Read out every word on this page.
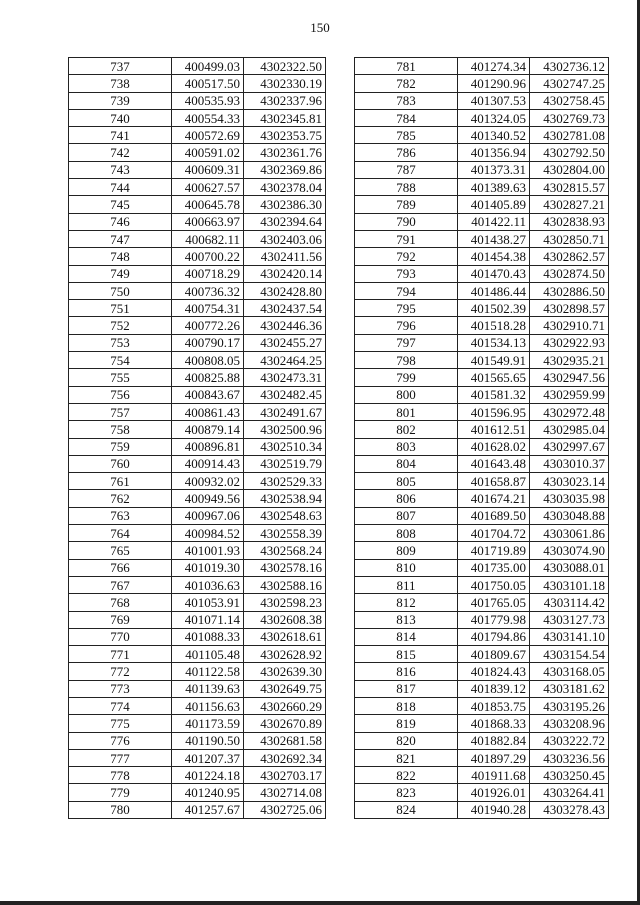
150
737	400499.03	4302322.50
738	400517.50	4302330.19
739	400535.93	4302337.96
740	400554.33	4302345.81
741	400572.69	4302353.75
742	400591.02	4302361.76
743	400609.31	4302369.86
744	400627.57	4302378.04
745	400645.78	4302386.30
746	400663.97	4302394.64
747	400682.11	4302403.06
748	400700.22	4302411.56
749	400718.29	4302420.14
750	400736.32	4302428.80
751	400754.31	4302437.54
752	400772.26	4302446.36
753	400790.17	4302455.27
754	400808.05	4302464.25
755	400825.88	4302473.31
756	400843.67	4302482.45
757	400861.43	4302491.67
758	400879.14	4302500.96
759	400896.81	4302510.34
760	400914.43	4302519.79
761	400932.02	4302529.33
762	400949.56	4302538.94
763	400967.06	4302548.63
764	400984.52	4302558.39
765	401001.93	4302568.24
766	401019.30	4302578.16
767	401036.63	4302588.16
768	401053.91	4302598.23
769	401071.14	4302608.38
770	401088.33	4302618.61
771	401105.48	4302628.92
772	401122.58	4302639.30
773	401139.63	4302649.75
774	401156.63	4302660.29
775	401173.59	4302670.89
776	401190.50	4302681.58
777	401207.37	4302692.34
778	401224.18	4302703.17
779	401240.95	4302714.08
780	401257.67	4302725.06
781	401274.34	4302736.12
782	401290.96	4302747.25
783	401307.53	4302758.45
784	401324.05	4302769.73
785	401340.52	4302781.08
786	401356.94	4302792.50
787	401373.31	4302804.00
788	401389.63	4302815.57
789	401405.89	4302827.21
790	401422.11	4302838.93
791	401438.27	4302850.71
792	401454.38	4302862.57
793	401470.43	4302874.50
794	401486.44	4302886.50
795	401502.39	4302898.57
796	401518.28	4302910.71
797	401534.13	4302922.93
798	401549.91	4302935.21
799	401565.65	4302947.56
800	401581.32	4302959.99
801	401596.95	4302972.48
802	401612.51	4302985.04
803	401628.02	4302997.67
804	401643.48	4303010.37
805	401658.87	4303023.14
806	401674.21	4303035.98
807	401689.50	4303048.88
808	401704.72	4303061.86
809	401719.89	4303074.90
810	401735.00	4303088.01
811	401750.05	4303101.18
812	401765.05	4303114.42
813	401779.98	4303127.73
814	401794.86	4303141.10
815	401809.67	4303154.54
816	401824.43	4303168.05
817	401839.12	4303181.62
818	401853.75	4303195.26
819	401868.33	4303208.96
820	401882.84	4303222.72
821	401897.29	4303236.56
822	401911.68	4303250.45
823	401926.01	4303264.41
824	401940.28	4303278.43
